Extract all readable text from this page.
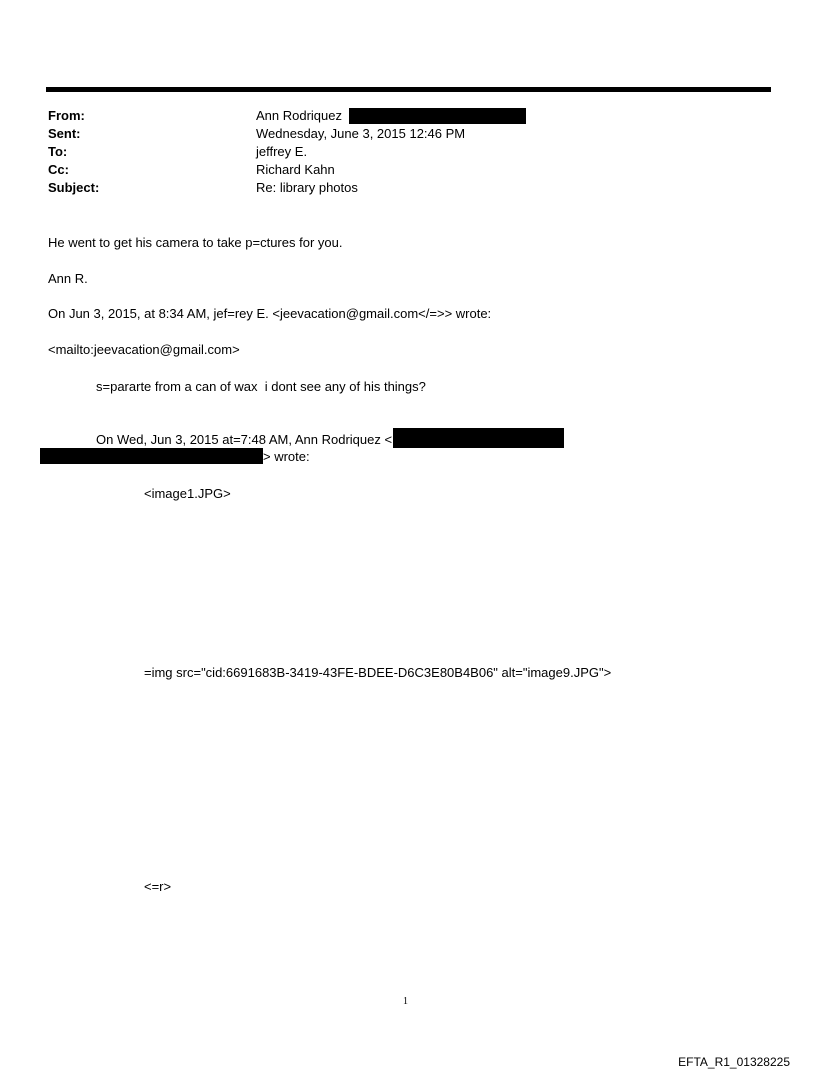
From:	Ann Rodriquez
Sent:	Wednesday, June 3, 2015 12:46 PM
To:	jeffrey E.
Cc:	Richard Kahn
Subject:	Re: library photos
He went to get his camera to take p=ctures for you.
Ann R.
On Jun 3, 2015, at 8:34 AM, jef=rey E. <jeevacation@gmail.com</=>> wrote:
<mailto:jeevacation@gmail.com>
s=pararte from a can of wax  i dont see any of his things?
On Wed, Jun 3, 2015 at=7:48 AM, Ann Rodriquez <
> wrote:
<image1.JPG>
=img src="cid:6691683B-3419-43FE-BDEE-D6C3E80B4B06" alt="image9.JPG">
<=r>
1
EFTA_R1_01328225
